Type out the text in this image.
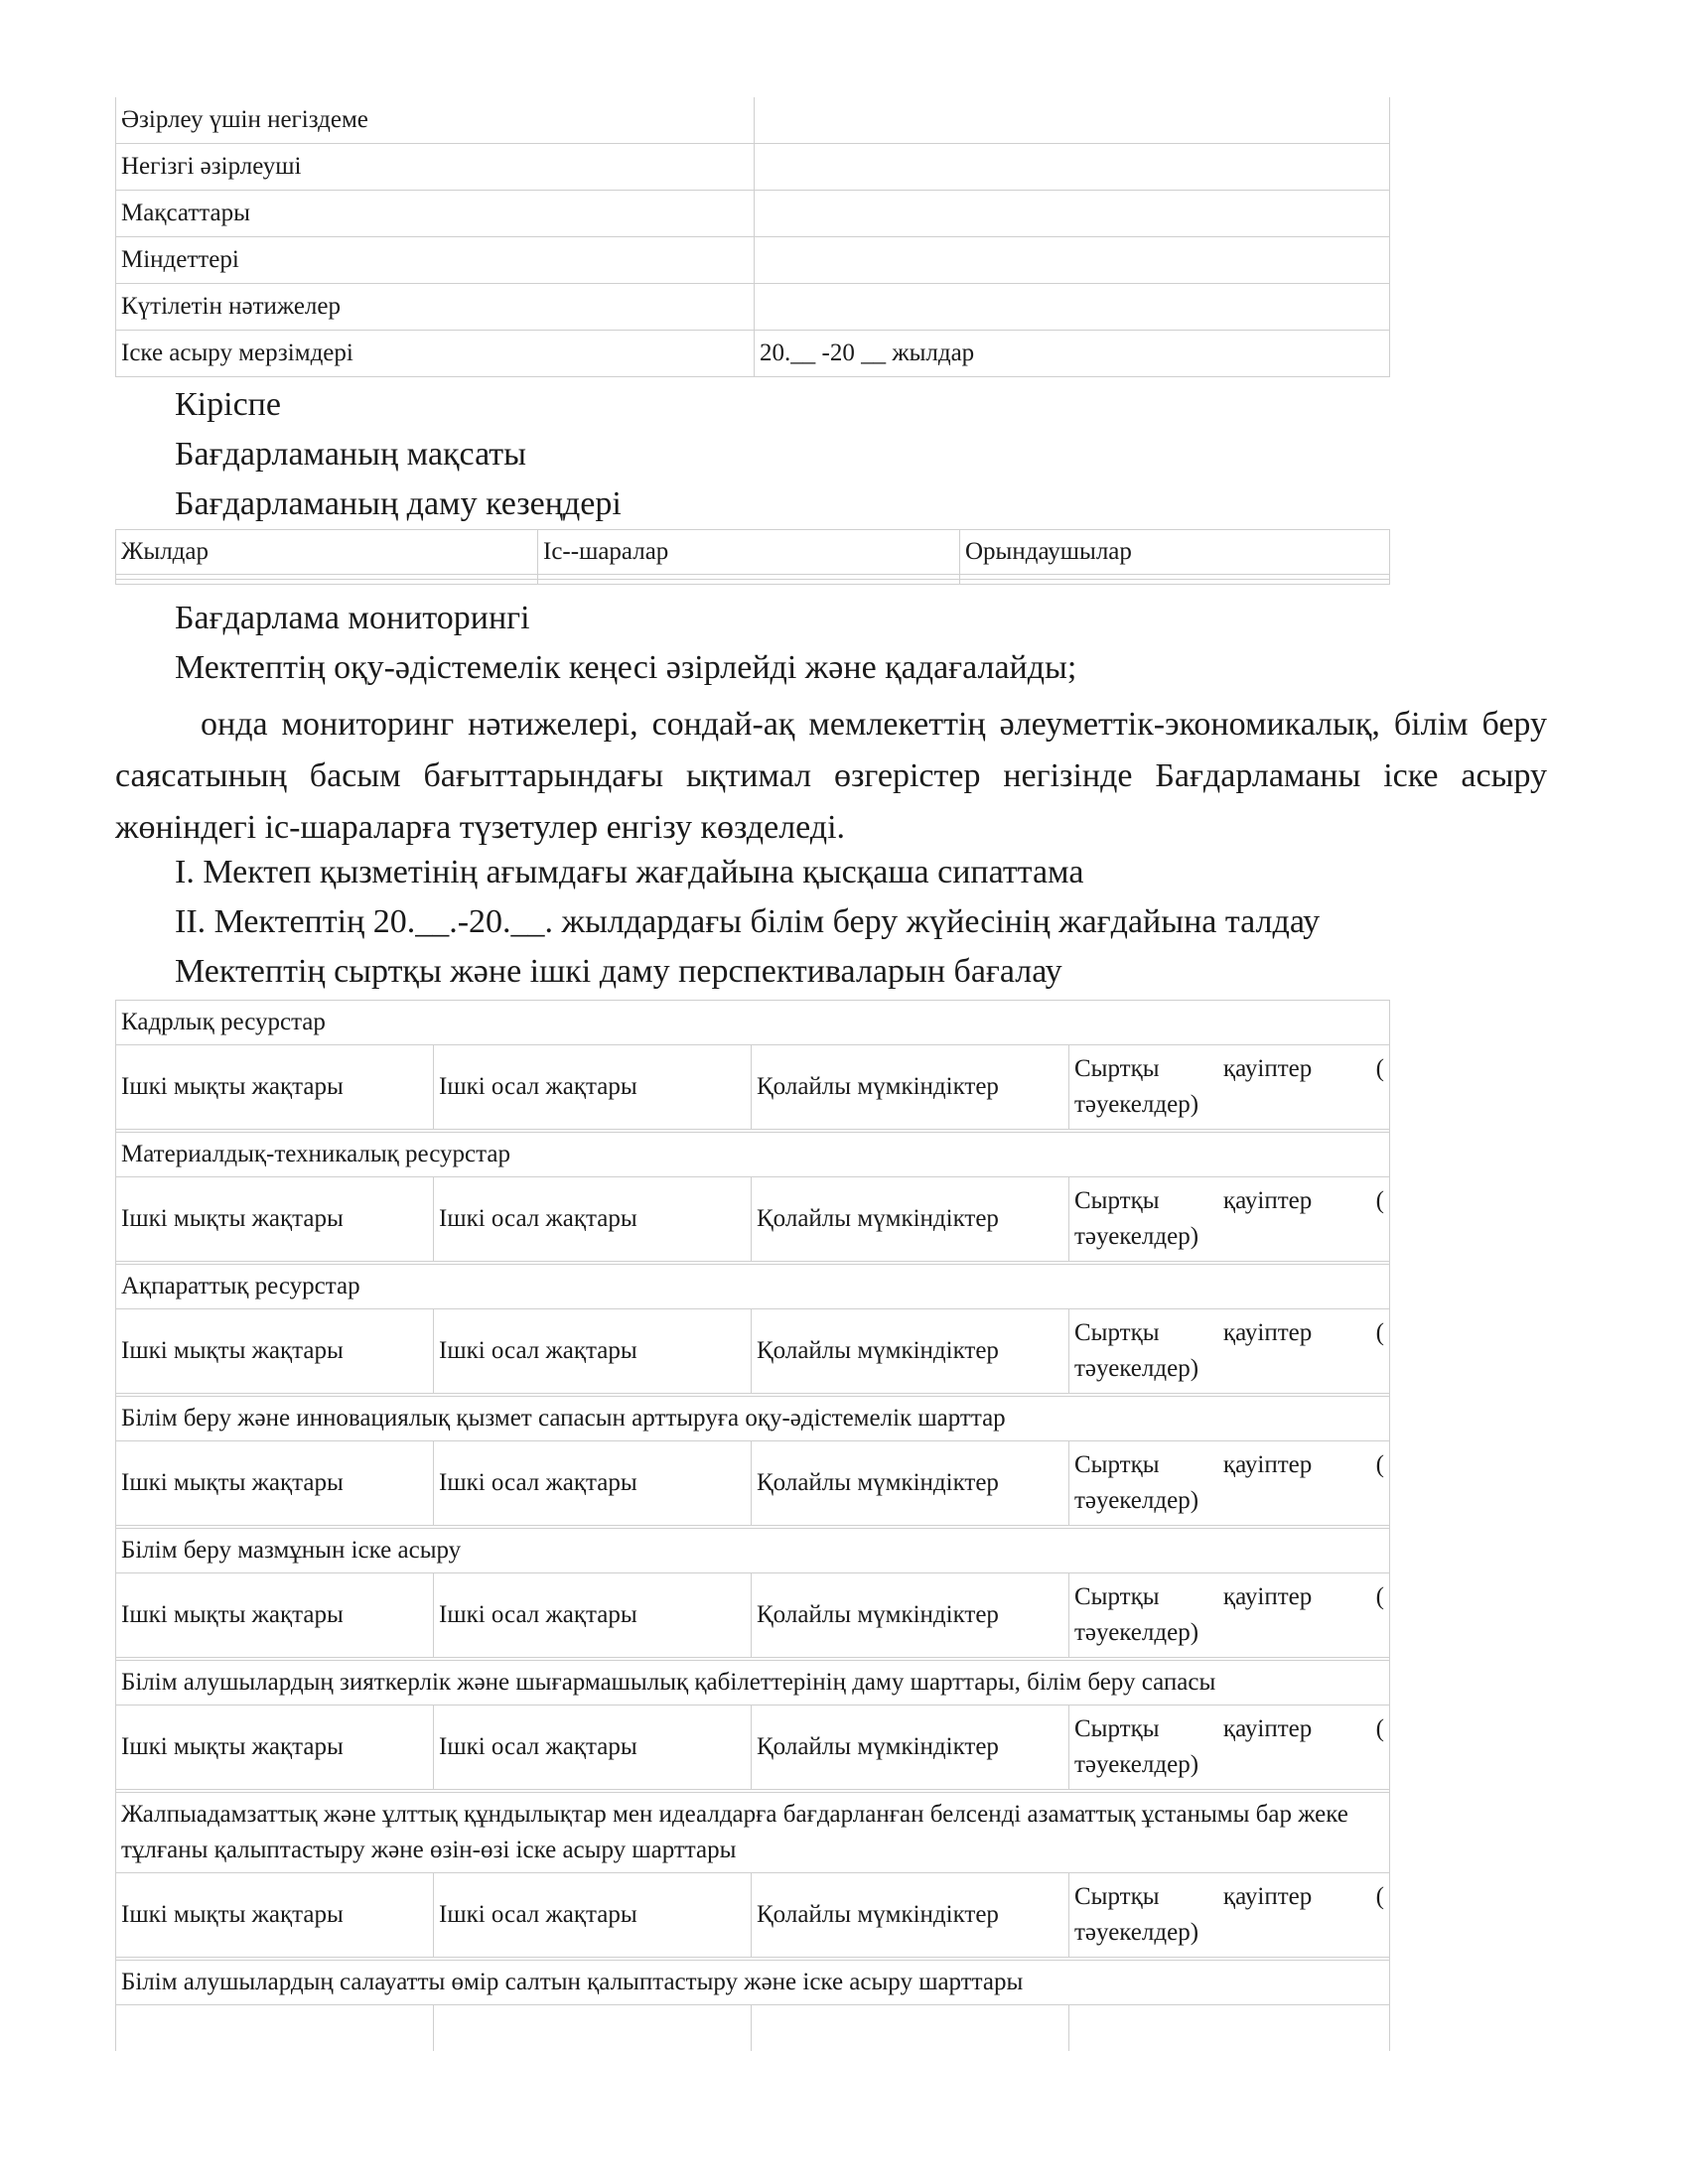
Әзірлеу үшін негіздеме	
Негізгі әзірлеуші	
Мақсаттары	
Міндеттері	
Күтілетін нәтижелер	
Іске асыру мерзімдері	20.__ -20 __ жылдар

Кіріспе

Бағдарламаның мақсаты

Бағдарламаның даму кезеңдері

Жылдар	Іс--шаралар	Орындаушылар

Бағдарлама мониторингі

Мектептің оқу-әдістемелік кеңесі әзірлейді және қадағалайды;

онда мониторинг нәтижелері, сондай-ақ мемлекеттің әлеуметтік-экономикалық, білім беру саясатының басым бағыттарындағы ықтимал өзгерістер негізінде Бағдарламаны іске асыру жөніндегі іс-шараларға түзетулер енгізу көзделеді.

I. Мектеп қызметінің ағымдағы жағдайына қысқаша сипаттама

II. Мектептің 20.__.-20.__. жылдардағы білім беру жүйесінің жағдайына талдау

Мектептің сыртқы және ішкі даму перспективаларын бағалау

Кадрлық ресурстар			
Ішкі мықты жақтары	Ішкі осал жақтары	Қолайлы мүмкіндіктер	Сыртқы қауіптер (
тәуекелдер)

Материалдық-техникалық ресурстар			
Ішкі мықты жақтары	Ішкі осал жақтары	Қолайлы мүмкіндіктер	Сыртқы қауіптер (
тәуекелдер)

Ақпараттық ресурстар			
Ішкі мықты жақтары	Ішкі осал жақтары	Қолайлы мүмкіндіктер	Сыртқы қауіптер (
тәуекелдер)

Білім беру және инновациялық қызмет сапасын арттыруға оқу-әдістемелік шарттар			
Ішкі мықты жақтары	Ішкі осал жақтары	Қолайлы мүмкіндіктер	Сыртқы қауіптер (
тәуекелдер)

Білім беру мазмұнын іске асыру			
Ішкі мықты жақтары	Ішкі осал жақтары	Қолайлы мүмкіндіктер	Сыртқы қауіптер (
тәуекелдер)

Білім алушылардың зияткерлік және шығармашылық қабілеттерінің даму шарттары, білім беру сапасы			
Ішкі мықты жақтары	Ішкі осал жақтары	Қолайлы мүмкіндіктер	Сыртқы қауіптер (
тәуекелдер)

Жалпыадамзаттық және ұлттық құндылықтар мен идеалдарға бағдарланған белсенді азаматтық ұстанымы бар жеке тұлғаны қалыптастыру және өзін-өзі іске асыру шарттары			
Ішкі мықты жақтары	Ішкі осал жақтары	Қолайлы мүмкіндіктер	Сыртқы қауіптер (
тәуекелдер)

Білім алушылардың салауатты өмір салтын қалыптастыру және іске асыру шарттары			
